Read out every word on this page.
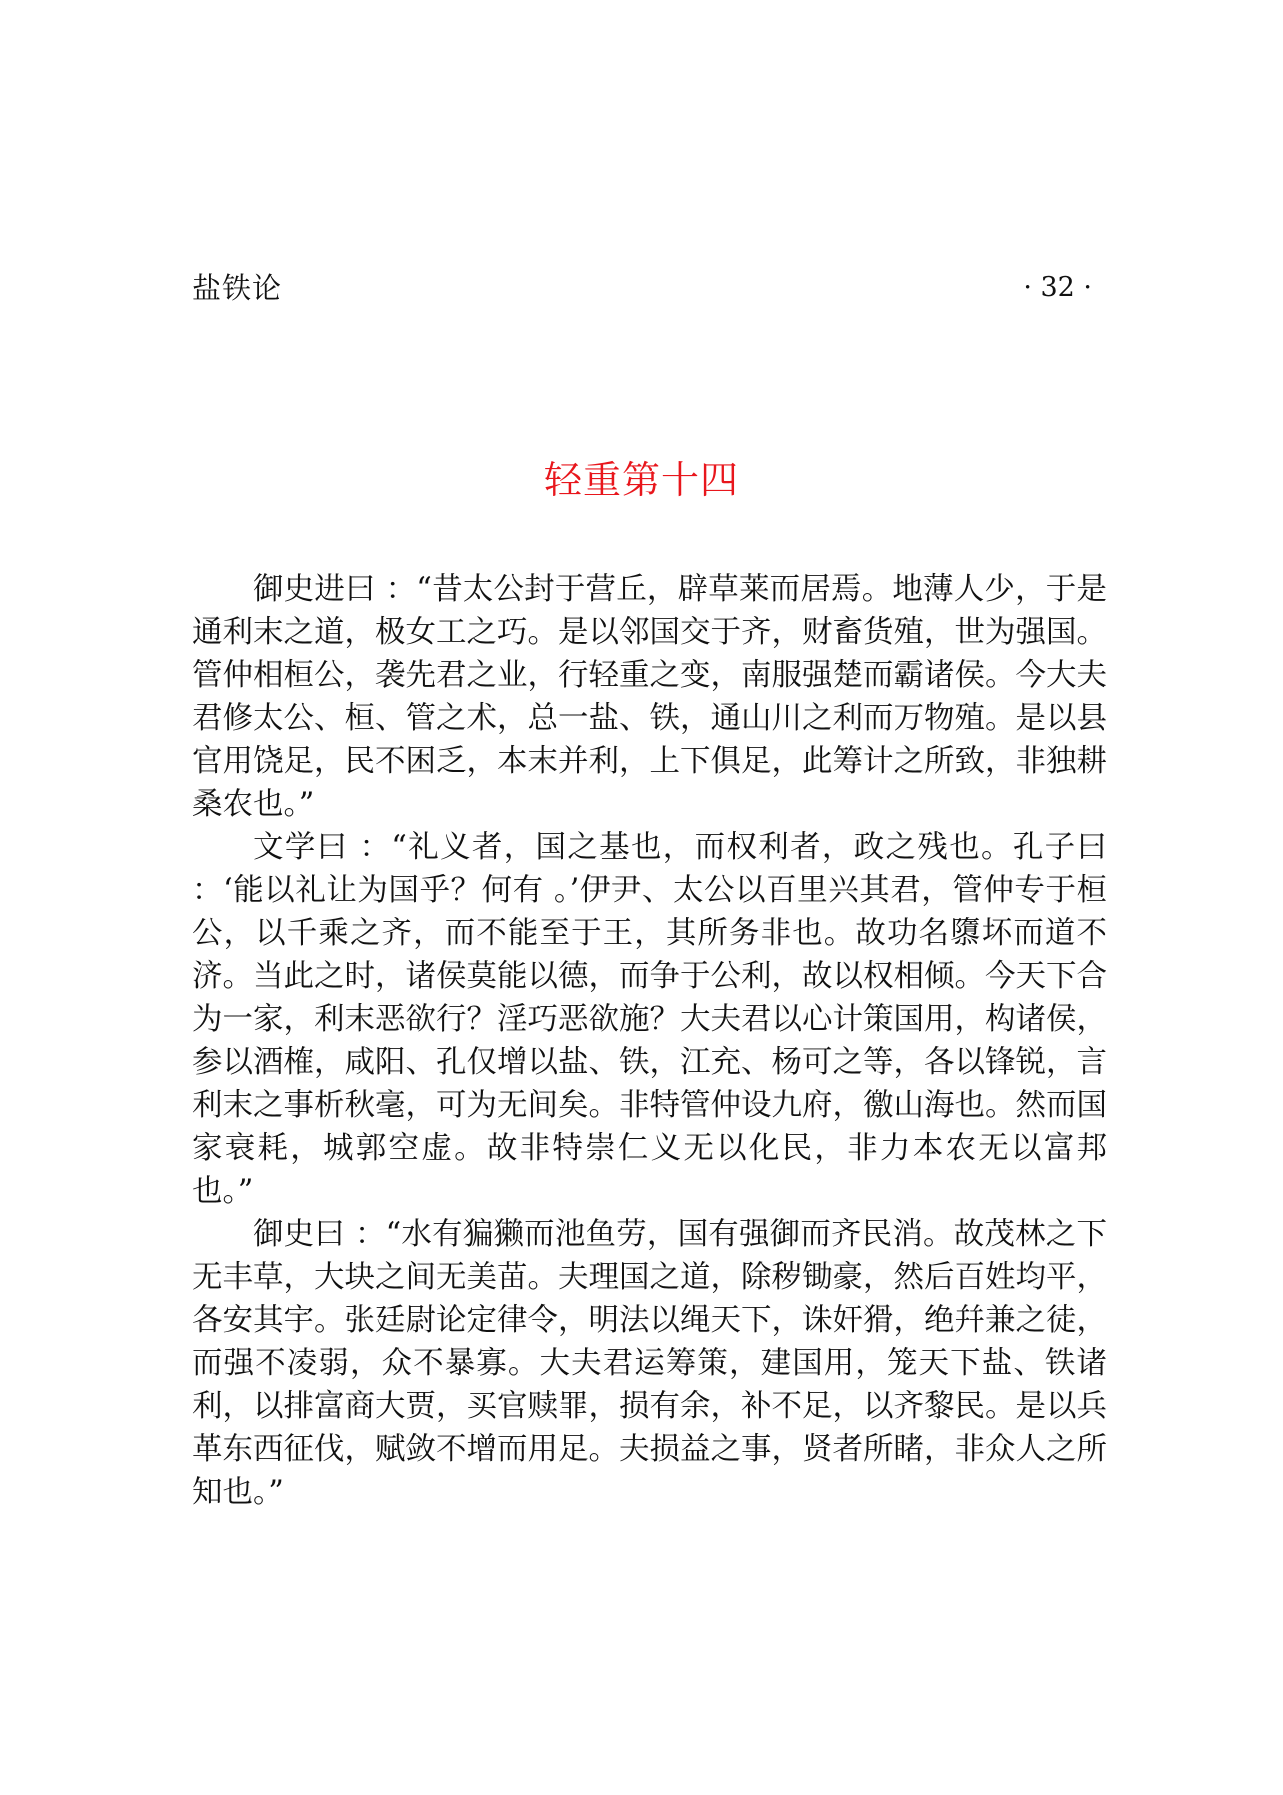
盐铁论	· 32 ·
轻重第十四

御史进曰 ：“昔太公封于营丘，辟草莱而居焉。地薄人少，于是通利末之道，极女工之巧。是以邻国交于齐，财畜货殖，世为强国。管仲相桓公，袭先君之业，行轻重之变，南服强楚而霸诸侯。今大夫君修太公、桓、管之术，总一盐、铁，通山川之利而万物殖。是以县官用饶足，民不困乏，本末并利，上下俱足，此筹计之所致，非独耕桑农也。”

文学曰 ：“礼义者，国之基也，而权利者，政之残也。孔子曰 ：‘能以礼让为国乎？何有 。’伊尹、太公以百里兴其君，管仲专于桓公，以千乘之齐，而不能至于王，其所务非也。故功名隳坏而道不济。当此之时，诸侯莫能以德，而争于公利，故以权相倾。今天下合为一家，利末恶欲行？淫巧恶欲施？大夫君以心计策国用，构诸侯，参以酒榷，咸阳、孔仅增以盐、铁，江充、杨可之等，各以锋锐，言利末之事析秋毫，可为无间矣。非特管仲设九府，徼山海也。然而国家衰耗，城郭空虚。故非特崇仁义无以化民，非力本农无以富邦也。”

御史曰 ：“水有猵獭而池鱼劳，国有强御而齐民消。故茂林之下无丰草，大块之间无美苗。夫理国之道，除秽锄豪，然后百姓均平，各安其宇。张廷尉论定律令，明法以绳天下，诛奸猾，绝幷兼之徒，而强不凌弱，众不暴寡。大夫君运筹策，建国用，笼天下盐、铁诸利，以排富商大贾，买官赎罪，损有余，补不足，以齐黎民。是以兵革东西征伐，赋敛不增而用足。夫损益之事，贤者所睹，非众人之所知也。”
